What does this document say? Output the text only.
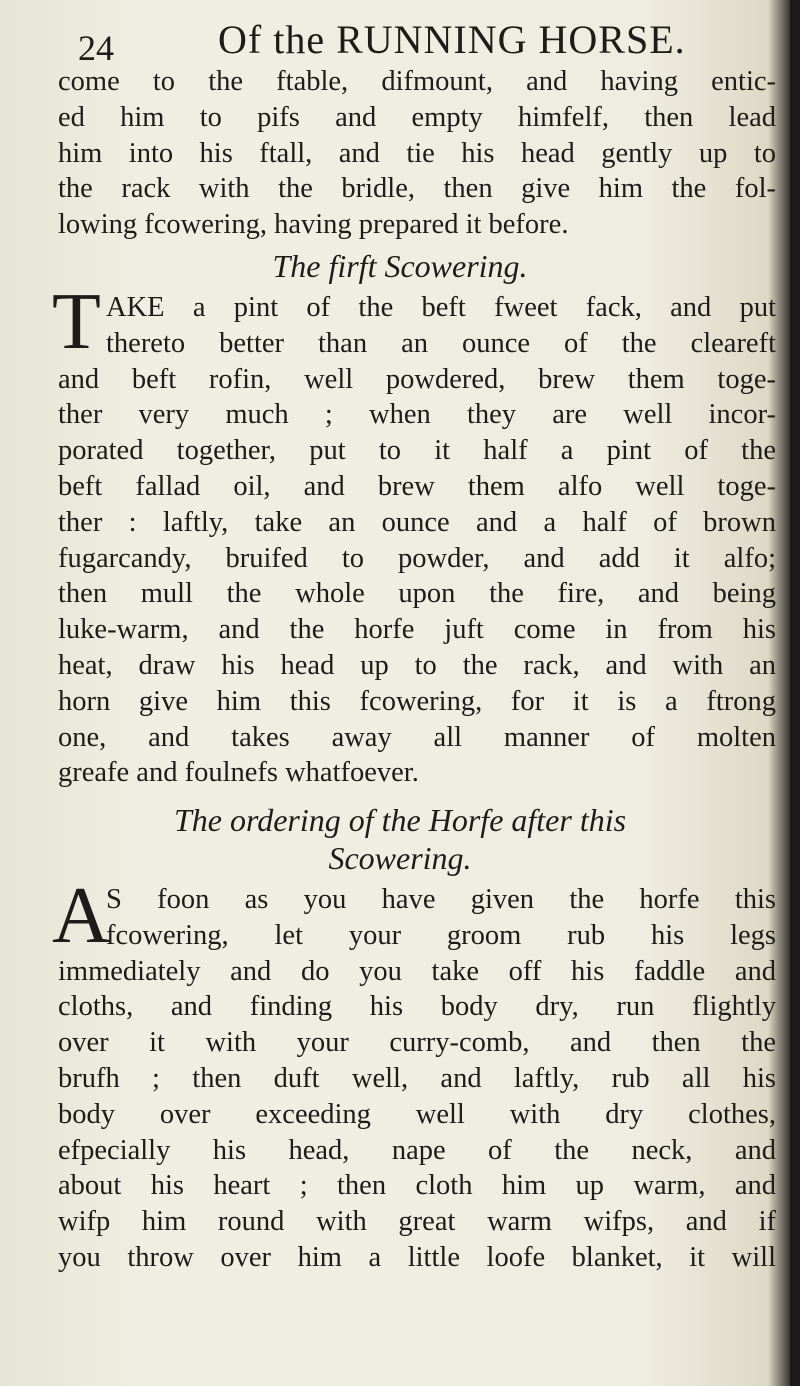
24	Of the RUNNING HORSE.
come to the ftable, difmount, and having entic-
ed him to pifs and empty himfelf, then lead
him into his ftall, and tie his head gently up to
the rack with the bridle, then give him the fol-
lowing fcowering, having prepared it before.
The firft Scowering.
T AKE a pint of the beft fweet fack, and put
thereto better than an ounce of the cleareft
and beft rofin, well powdered, brew them toge-
ther very much ; when they are well incor-
porated together, put to it half a pint of the
beft fallad oil, and brew them alfo well toge-
ther : laftly, take an ounce and a half of brown
fugarcandy, bruifed to powder, and add it alfo;
then mull the whole upon the fire, and being
luke-warm, and the horfe juft come in from his
heat, draw his head up to the rack, and with an
horn give him this fcowering, for it is a ftrong
one, and takes away all manner of molten
greafe and foulnefs whatfoever.
The ordering of the Horfe after this
Scowering.
A
S foon as you have given the horfe this
fcowering, let your groom rub his legs
immediately and do you take off his faddle and
cloths, and finding his body dry, run flightly
over it with your curry-comb, and then the
brufh ; then duft well, and laftly, rub all his
body over exceeding well with dry clothes,
efpecially his head, nape of the neck, and
about his heart ; then cloth him up warm, and
wifp him round with great warm wifps, and if
you throw over him a little loofe blanket, it will
